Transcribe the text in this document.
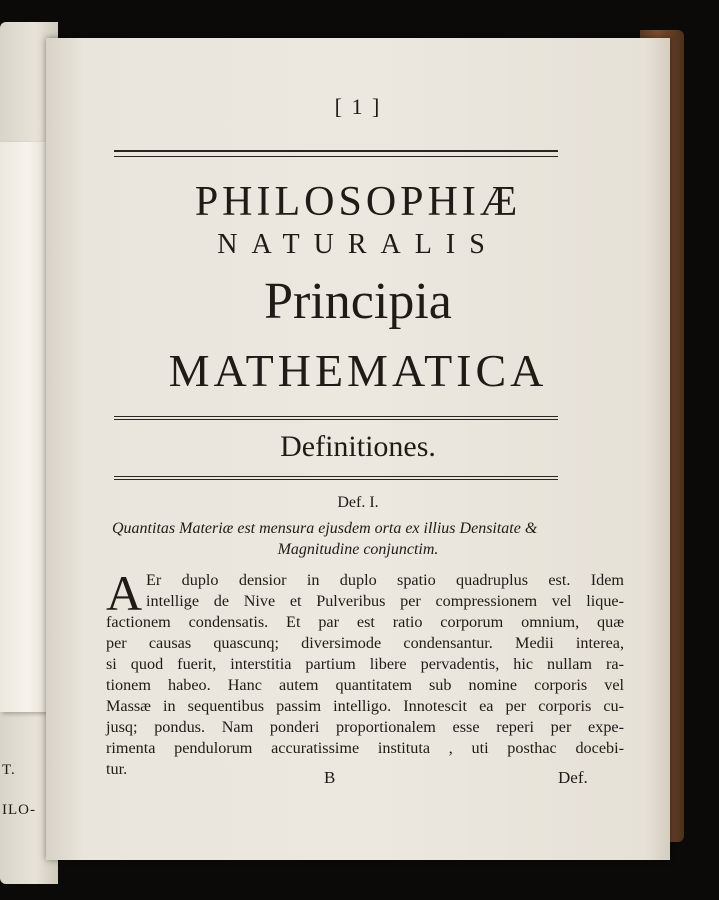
T.
ILO-
[ 1 ]
PHILOSOPHIÆ
NATURALIS
Principia
MATHEMATICA
Definitiones.
Def. I.
Quantitas Materiæ est mensura ejusdem orta ex illius Densitate &
Magnitudine conjunctim.
A Er duplo densior in duplo spatio quadruplus est. Idem
intellige de Nive et Pulveribus per compressionem vel lique-
factionem condensatis. Et par est ratio corporum omnium, quæ
per causas quascunq; diversimode condensantur. Medii interea,
si quod fuerit, interstitia partium libere pervadentis, hic nullam ra-
tionem habeo. Hanc autem quantitatem sub nomine corporis vel
Massæ in sequentibus passim intelligo. Innotescit ea per corporis cu-
jusq; pondus. Nam ponderi proportionalem esse reperi per expe-
rimenta pendulorum accuratissime instituta , uti posthac docebi-
tur.	B	Def.
